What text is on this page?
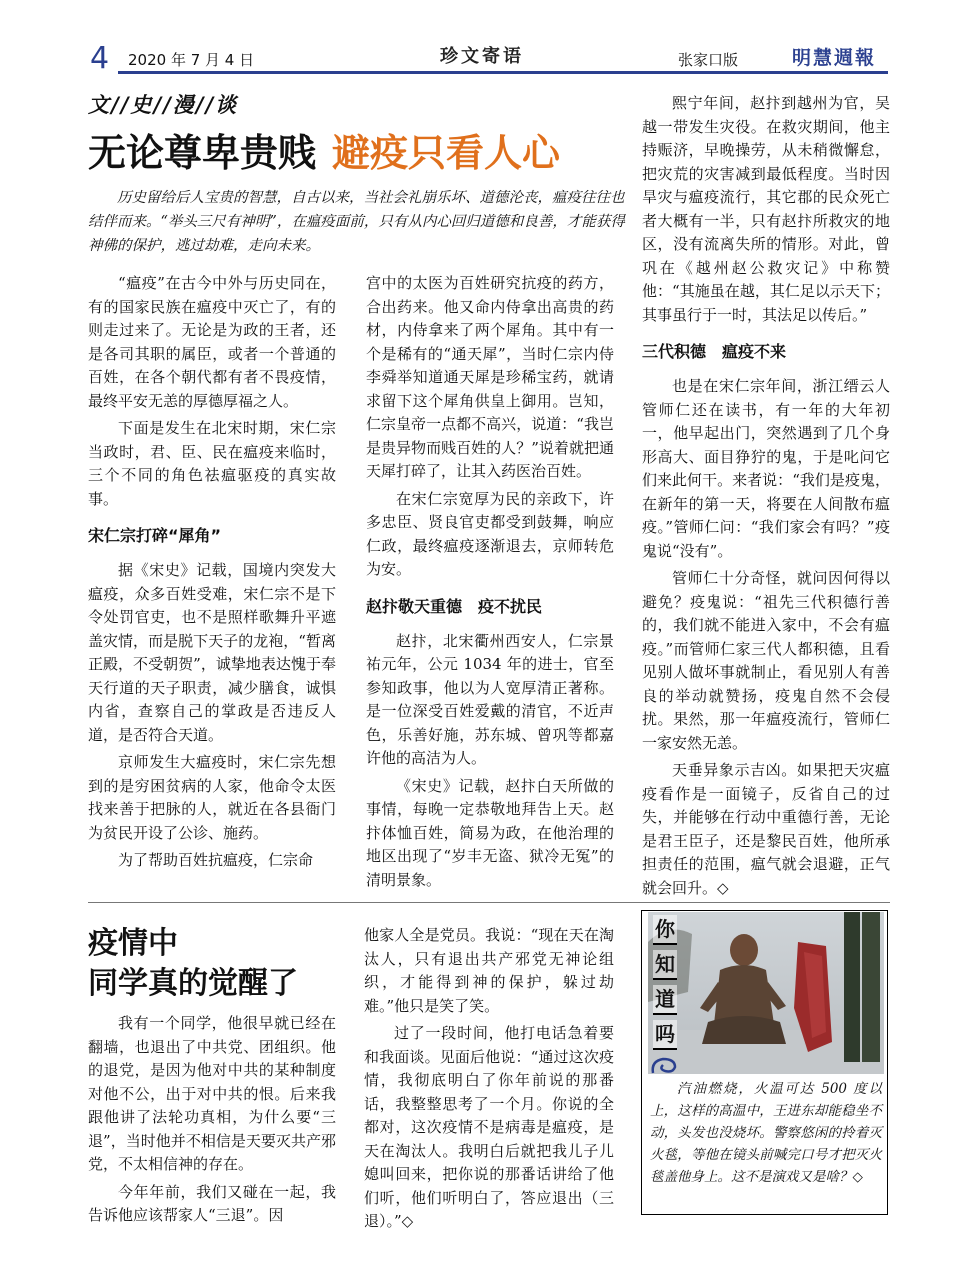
4 2020 年 7 月 4 日	珍文寄语	张家口版	明慧週報
文//史//漫//谈
无论尊卑贵贱 避疫只看人心
历史留给后人宝贵的智慧，自古以来，当社会礼崩乐坏、道德沦丧，瘟疫往往也结伴而来。“举头三尺有神明”，在瘟疫面前，只有从内心回归道德和良善，才能获得神佛的保护，逃过劫难，走向未来。

“瘟疫”在古今中外与历史同在，有的国家民族在瘟疫中灭亡了，有的则走过来了。无论是为政的王者，还是各司其职的属臣，或者一个普通的百姓，在各个朝代都有者不畏疫情，最终平安无恙的厚德厚福之人。

下面是发生在北宋时期，宋仁宗当政时，君、臣、民在瘟疫来临时，三个不同的角色祛瘟驱疫的真实故事。

宋仁宗打碎“犀角”

据《宋史》记载，国境内突发大瘟疫，众多百姓受难，宋仁宗不是下令处罚官吏，也不是照样歌舞升平遮盖灾情，而是脱下天子的龙袍，“暂离正殿，不受朝贺”，诚挚地表达愧于奉天行道的天子职责，减少膳食，诚惧内省，查察自己的掌政是否违反人道，是否符合天道。

京师发生大瘟疫时，宋仁宗先想到的是穷困贫病的人家，他命令太医找来善于把脉的人，就近在各县衙门为贫民开设了公诊、施药。

为了帮助百姓抗瘟疫，仁宗命

宫中的太医为百姓研究抗疫的药方，合出药来。他又命内侍拿出高贵的药材，内侍拿来了两个犀角。其中有一个是稀有的“通天犀”，当时仁宗内侍李舜举知道通天犀是珍稀宝药，就请求留下这个犀角供皇上御用。岂知，仁宗皇帝一点都不高兴，说道：“我岂是贵异物而贱百姓的人？”说着就把通天犀打碎了，让其入药医治百姓。

在宋仁宗宽厚为民的亲政下，许多忠臣、贤良官吏都受到鼓舞，响应仁政，最终瘟疫逐渐退去，京师转危为安。

赵抃敬天重德　疫不扰民

赵抃，北宋衢州西安人，仁宗景祐元年，公元 1034 年的进士，官至参知政事，他以为人宽厚清正著称。是一位深受百姓爱戴的清官，不近声色，乐善好施，苏东城、曾巩等都嘉许他的高洁为人。

《宋史》记载，赵抃白天所做的事情，每晚一定恭敬地拜告上天。赵抃体恤百姓，简易为政，在他治理的地区出现了“岁丰无盗、狱冷无冤”的清明景象。

熙宁年间，赵抃到越州为官，吴越一带发生灾役。在救灾期间，他主持赈济，早晚操劳，从未稍微懈怠，把灾荒的灾害减到最低程度。当时因旱灾与瘟疫流行，其它郡的民众死亡者大概有一半，只有赵抃所救灾的地区，没有流离失所的情形。对此，曾巩在《越州赵公救灾记》中称赞他：“其施虽在越，其仁足以示天下；其事虽行于一时，其法足以传后。”

三代积德　瘟疫不来

也是在宋仁宗年间，浙江缙云人管师仁还在读书，有一年的大年初一，他早起出门，突然遇到了几个身形高大、面目狰狞的鬼，于是叱问它们来此何干。来者说：“我们是疫鬼，在新年的第一天，将要在人间散布瘟疫。”管师仁问：“我们家会有吗？”疫鬼说“没有”。

管师仁十分奇怪，就问因何得以避免？疫鬼说：“祖先三代积德行善的，我们就不能进入家中，不会有瘟疫。”而管师仁家三代人都积德，且看见别人做坏事就制止，看见别人有善良的举动就赞扬，疫鬼自然不会侵扰。果然，那一年瘟疫流行，管师仁一家安然无恙。

天垂异象示吉凶。如果把天灾瘟疫看作是一面镜子，反省自己的过失，并能够在行动中重德行善，无论是君王臣子，还是黎民百姓，他所承担责任的范围，瘟气就会退避，正气就会回升。◇

疫情中
同学真的觉醒了

我有一个同学，他很早就已经在翻墙，也退出了中共党、团组织。他的退党，是因为他对中共的某种制度对他不公，出于对中共的恨。后来我跟他讲了法轮功真相，为什么要“三退”，当时他并不相信是天要灭共产邪党，不太相信神的存在。

今年年前，我们又碰在一起，我告诉他应该帮家人“三退”。因

他家人全是党员。我说：“现在天在淘汰人，只有退出共产邪党无神论组织，才能得到神的保护，躲过劫难。”他只是笑了笑。

过了一段时间，他打电话急着要和我面谈。见面后他说：“通过这次疫情，我彻底明白了你年前说的那番话，我整整思考了一个月。你说的全都对，这次疫情不是病毒是瘟疫，是天在淘汰人。我明白后就把我儿子儿媳叫回来，把你说的那番话讲给了他们听，他们听明白了，答应退出（三退）。”◇

你
知
道
吗
汽油燃烧，火温可达 500 度以上，这样的高温中，王进东却能稳坐不动，头发也没烧坏。警察悠闲的拎着灭火毯，等他在镜头前喊完口号才把灭火毯盖他身上。这不是演戏又是啥？◇
